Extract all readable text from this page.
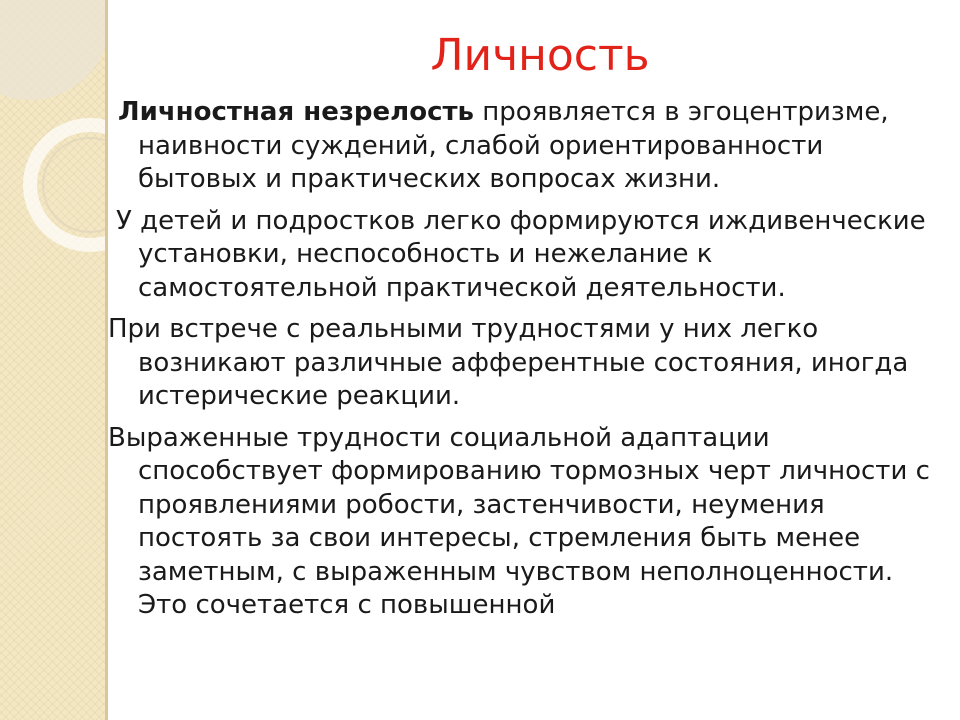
Личность

Личностная незрелость проявляется в эгоцентризме, наивности суждений, слабой ориентированности бытовых и практических вопросах жизни.

У детей и подростков легко формируются иждивенческие установки, неспособность и нежелание к самостоятельной практической деятельности.

При встрече с реальными трудностями у них легко возникают различные афферентные состояния, иногда истерические реакции.

Выраженные трудности социальной адаптации способствует формированию тормозных черт личности с проявлениями робости, застенчивости, неумения постоять за свои интересы, стремления быть менее заметным, с выраженным чувством неполноценности. Это сочетается с повышенной
